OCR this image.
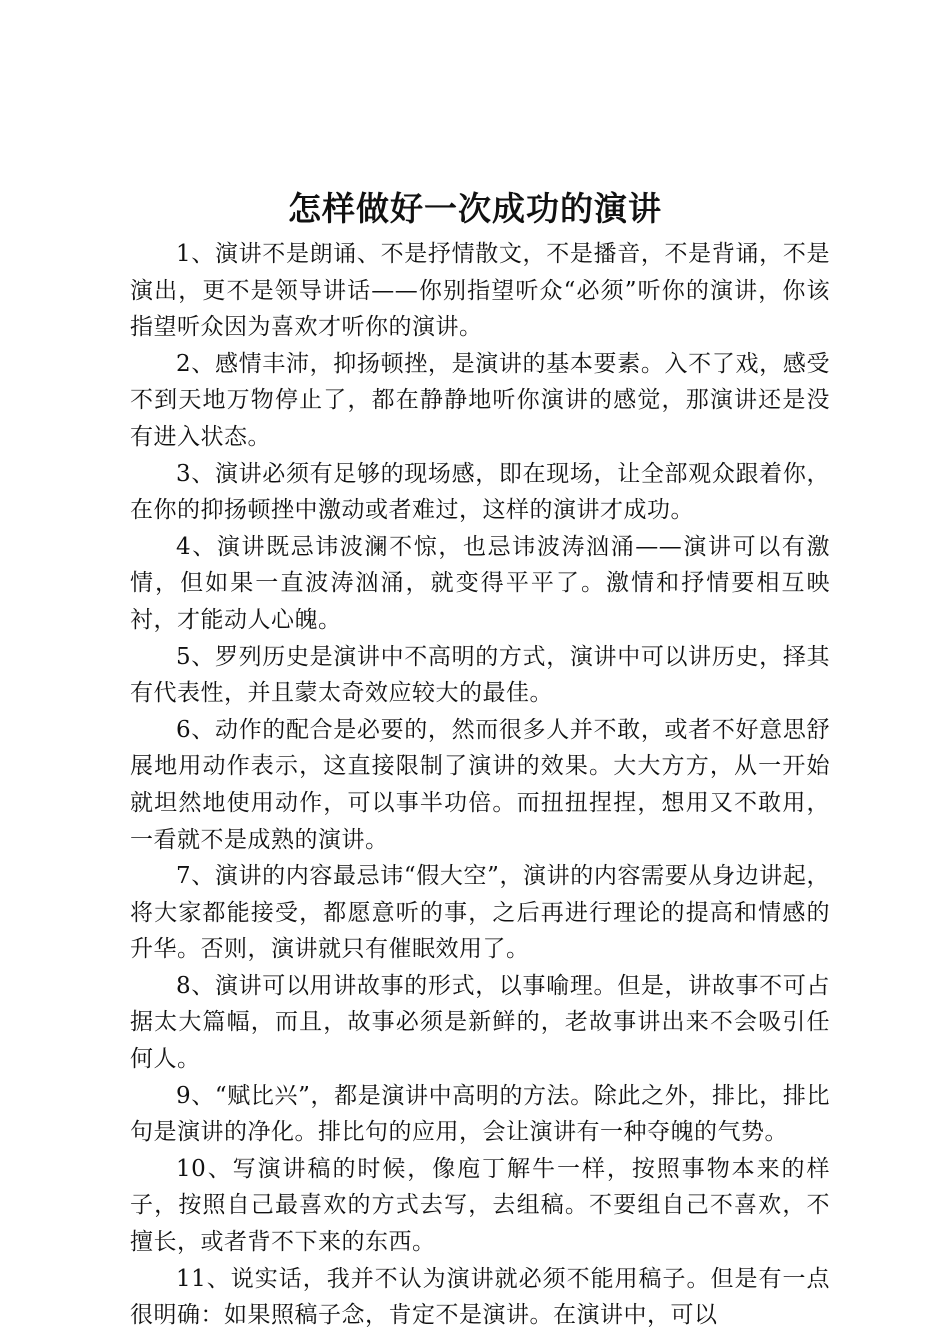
怎样做好一次成功的演讲

1、演讲不是朗诵、不是抒情散文，不是播音，不是背诵，不是演出，更不是领导讲话——你别指望听众“必须”听你的演讲，你该指望听众因为喜欢才听你的演讲。

2、感情丰沛，抑扬顿挫，是演讲的基本要素。入不了戏，感受不到天地万物停止了，都在静静地听你演讲的感觉，那演讲还是没有进入状态。

3、演讲必须有足够的现场感，即在现场，让全部观众跟着你，在你的抑扬顿挫中激动或者难过，这样的演讲才成功。

4、演讲既忌讳波澜不惊，也忌讳波涛汹涌——演讲可以有激情，但如果一直波涛汹涌，就变得平平了。激情和抒情要相互映衬，才能动人心魄。

5、罗列历史是演讲中不高明的方式，演讲中可以讲历史，择其有代表性，并且蒙太奇效应较大的最佳。

6、动作的配合是必要的，然而很多人并不敢，或者不好意思舒展地用动作表示，这直接限制了演讲的效果。大大方方，从一开始就坦然地使用动作，可以事半功倍。而扭扭捏捏，想用又不敢用，一看就不是成熟的演讲。

7、演讲的内容最忌讳“假大空”，演讲的内容需要从身边讲起，将大家都能接受，都愿意听的事，之后再进行理论的提高和情感的升华。否则，演讲就只有催眠效用了。

8、演讲可以用讲故事的形式，以事喻理。但是，讲故事不可占据太大篇幅，而且，故事必须是新鲜的，老故事讲出来不会吸引任何人。

9、“赋比兴”，都是演讲中高明的方法。除此之外，排比，排比句是演讲的净化。排比句的应用，会让演讲有一种夺魄的气势。

10、写演讲稿的时候，像庖丁解牛一样，按照事物本来的样子，按照自己最喜欢的方式去写，去组稿。不要组自己不喜欢，不擅长，或者背不下来的东西。

11、说实话，我并不认为演讲就必须不能用稿子。但是有一点很明确：如果照稿子念，肯定不是演讲。在演讲中，可以
